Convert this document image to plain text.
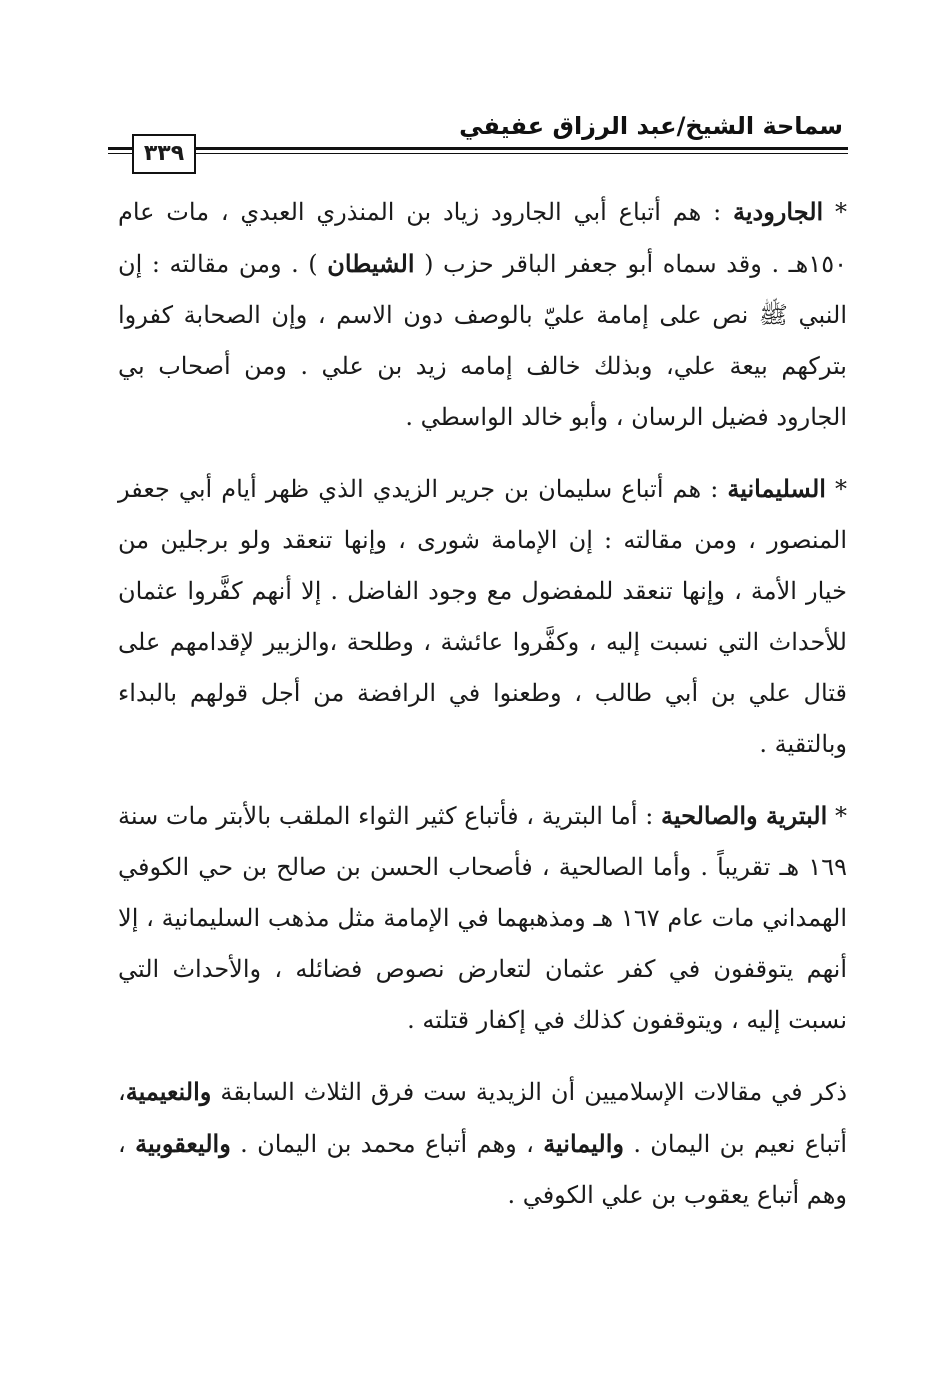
سماحة الشيخ/عبد الرزاق عفيفي
٣٣٩

* الجارودية : هم أتباع أبي الجارود زياد بن المنذري العبدي ، مات عام ١٥٠هـ . وقد سماه أبو جعفر الباقر حزب ( الشيطان ) . ومن مقالته : إن النبي ﷺ نص على إمامة عليّ بالوصف دون الاسم ، وإن الصحابة كفروا بتركهم بيعة علي، وبذلك خالف إمامه زيد بن علي . ومن أصحاب بي الجارود فضيل الرسان ، وأبو خالد الواسطي .

* السليمانية : هم أتباع سليمان بن جرير الزيدي الذي ظهر أيام أبي جعفر المنصور ، ومن مقالته : إن الإمامة شورى ، وإنها تنعقد ولو برجلين من خيار الأمة ، وإنها تنعقد للمفضول مع وجود الفاضل . إلا أنهم كفَّروا عثمان للأحداث التي نسبت إليه ، وكفَّروا عائشة ، وطلحة ،والزبير لإقدامهم على قتال علي بن أبي طالب ، وطعنوا في الرافضة من أجل قولهم بالبداء وبالتقية .

* البترية والصالحية : أما البترية ، فأتباع كثير الثواء الملقب بالأبتر مات سنة ١٦٩ هـ تقريباً . وأما الصالحية ، فأصحاب الحسن بن صالح بن حي الكوفي الهمداني مات عام ١٦٧ هـ ومذهبهما في الإمامة مثل مذهب السليمانية ، إلا أنهم يتوقفون في كفر عثمان لتعارض نصوص فضائله ، والأحداث التي نسبت إليه ، ويتوقفون كذلك في إكفار قتلته .

ذكر في مقالات الإسلاميين أن الزيدية ست فرق الثلاث السابقة والنعيمية، أتباع نعيم بن اليمان . واليمانية ، وهم أتباع محمد بن اليمان . واليعقوبية ، وهم أتباع يعقوب بن علي الكوفي .
